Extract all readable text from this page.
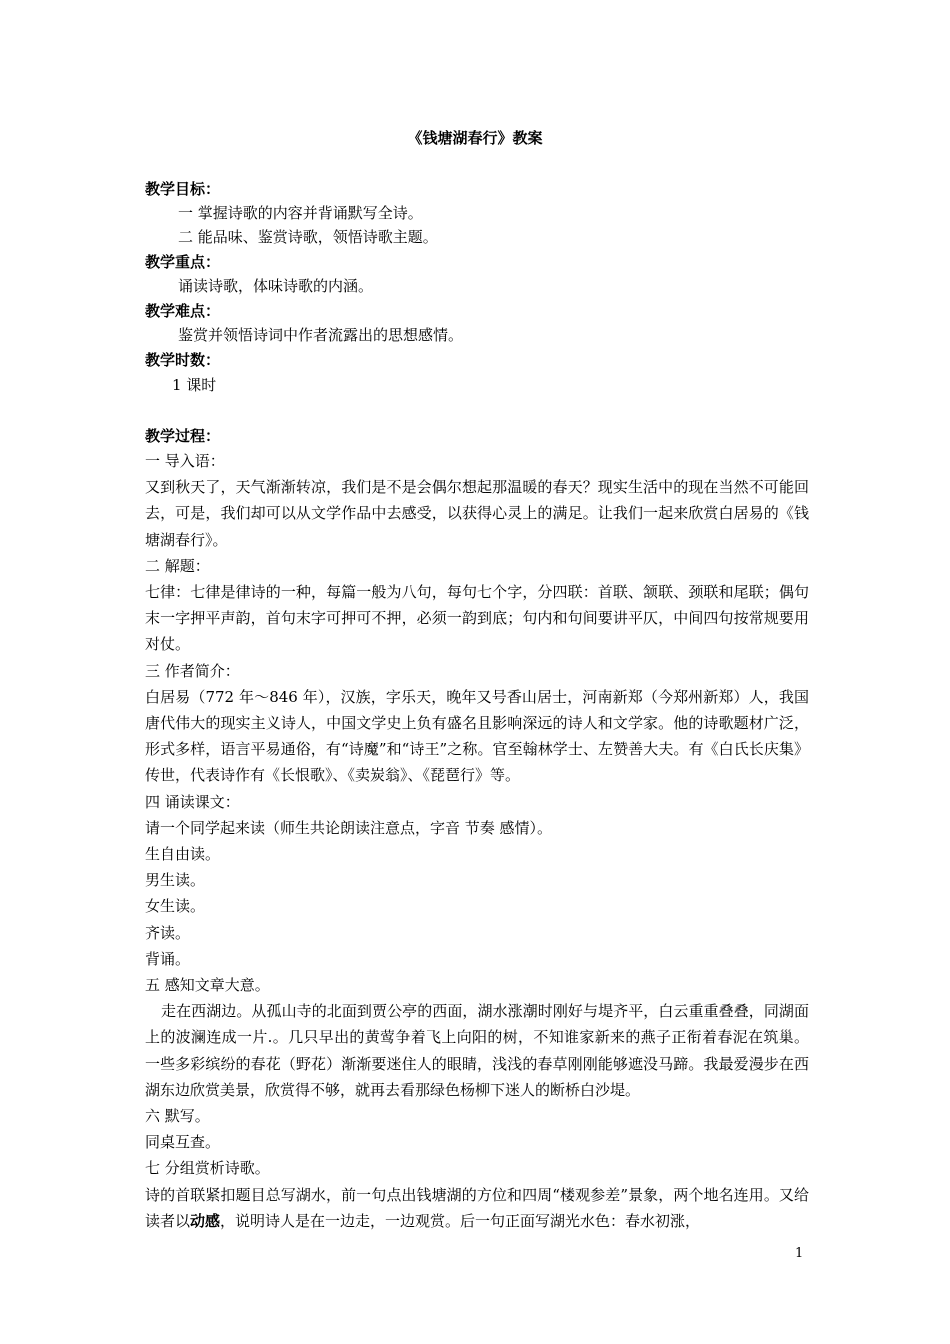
《钱塘湖春行》教案
教学目标：
一 掌握诗歌的内容并背诵默写全诗。
二 能品味、鉴赏诗歌，领悟诗歌主题。
教学重点：
诵读诗歌，体味诗歌的内涵。
教学难点：
鉴赏并领悟诗词中作者流露出的思想感情。
教学时数：
1 课时
教学过程：

一 导入语：

又到秋天了，天气渐渐转凉，我们是不是会偶尔想起那温暖的春天？现实生活中的现在当然不可能回去，可是，我们却可以从文学作品中去感受，以获得心灵上的满足。让我们一起来欣赏白居易的《钱塘湖春行》。

二 解题：

七律：七律是律诗的一种，每篇一般为八句，每句七个字，分四联：首联、颔联、颈联和尾联；偶句末一字押平声韵，首句末字可押可不押，必须一韵到底；句内和句间要讲平仄，中间四句按常规要用对仗。

三 作者简介：

白居易（772 年～846 年），汉族，字乐天，晚年又号香山居士，河南新郑（今郑州新郑）人，我国唐代伟大的现实主义诗人，中国文学史上负有盛名且影响深远的诗人和文学家。他的诗歌题材广泛，形式多样，语言平易通俗，有“诗魔”和“诗王”之称。官至翰林学士、左赞善大夫。有《白氏长庆集》传世，代表诗作有《长恨歌》、《卖炭翁》、《琵琶行》等。

四 诵读课文：

请一个同学起来读（师生共论朗读注意点，字音 节奏 感情）。

生自由读。

男生读。

女生读。

齐读。

背诵。

五 感知文章大意。

走在西湖边。从孤山寺的北面到贾公亭的西面，湖水涨潮时刚好与堤齐平，白云重重叠叠，同湖面上的波澜连成一片.。几只早出的黄莺争着飞上向阳的树，不知谁家新来的燕子正衔着春泥在筑巢。一些多彩缤纷的春花（野花）渐渐要迷住人的眼睛，浅浅的春草刚刚能够遮没马蹄。我最爱漫步在西湖东边欣赏美景，欣赏得不够，就再去看那绿色杨柳下迷人的断桥白沙堤。

六 默写。

同桌互查。

七 分组赏析诗歌。

诗的首联紧扣题目总写湖水，前一句点出钱塘湖的方位和四周“楼观参差”景象，两个地名连用。又给读者以动感，说明诗人是在一边走，一边观赏。后一句正面写湖光水色：春水初涨，

1
